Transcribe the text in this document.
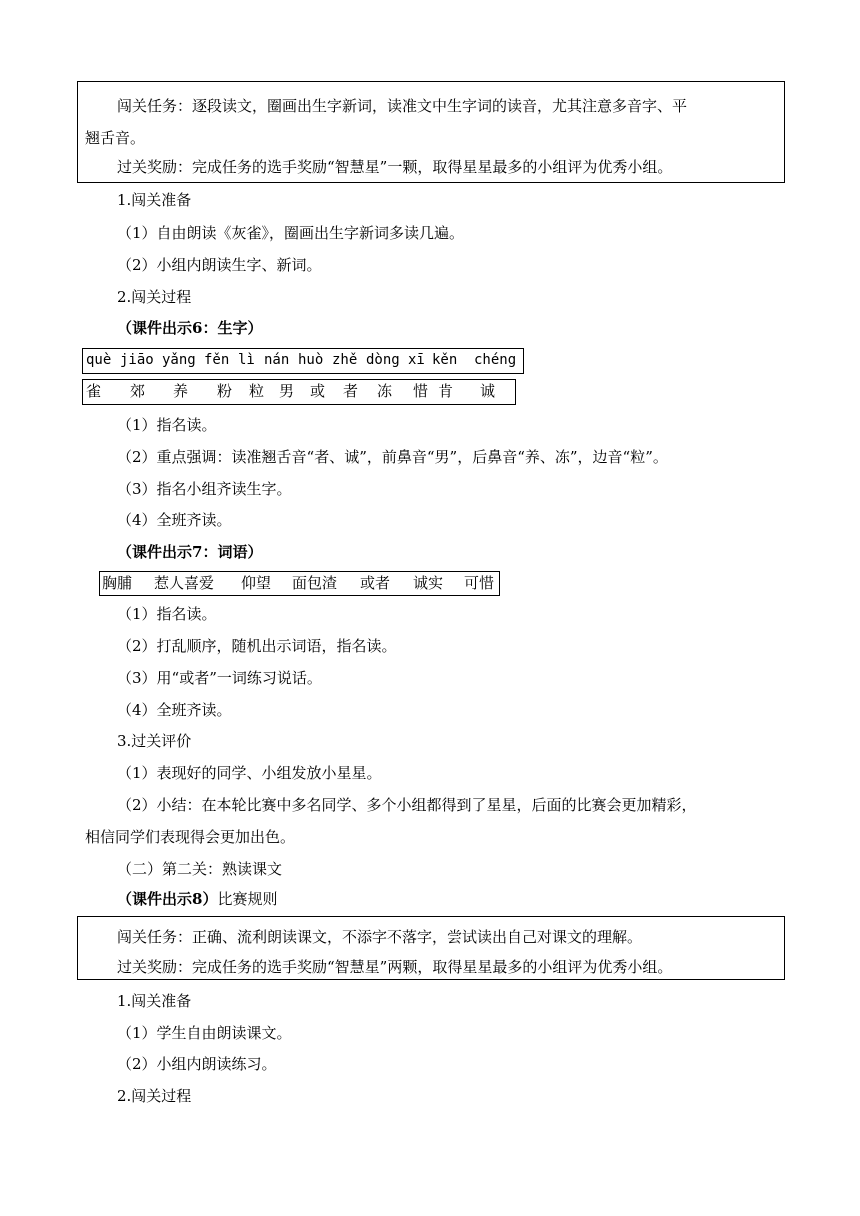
闯关任务：逐段读文，圈画出生字新词，读准文中生字词的读音，尤其注意多音字、平
翘舌音。
过关奖励：完成任务的选手奖励“智慧星”一颗，取得星星最多的小组评为优秀小组。
1.闯关准备
（1）自由朗读《灰雀》，圈画出生字新词多读几遍。
（2）小组内朗读生字、新词。
2.闯关过程
（课件出示6：生字）
què jiāo yǎng fěn lì nán huò zhě dòng xī kěn chéng
雀 郊 养 粉 粒 男 或 者 冻 惜 肯 诚
（1）指名读。
（2）重点强调：读准翘舌音“者、诚”，前鼻音“男”，后鼻音“养、冻”，边音“粒”。
（3）指名小组齐读生字。
（4）全班齐读。
（课件出示7：词语）
胸脯 惹人喜爱 仰望 面包渣 或者 诚实 可惜
（1）指名读。
（2）打乱顺序，随机出示词语，指名读。
（3）用“或者”一词练习说话。
（4）全班齐读。
3.过关评价
（1）表现好的同学、小组发放小星星。
（2）小结：在本轮比赛中多名同学、多个小组都得到了星星，后面的比赛会更加精彩，
相信同学们表现得会更加出色。
（二）第二关：熟读课文
（课件出示8）比赛规则
闯关任务：正确、流利朗读课文，不添字不落字，尝试读出自己对课文的理解。
过关奖励：完成任务的选手奖励“智慧星”两颗，取得星星最多的小组评为优秀小组。
1.闯关准备
（1）学生自由朗读课文。
（2）小组内朗读练习。
2.闯关过程
